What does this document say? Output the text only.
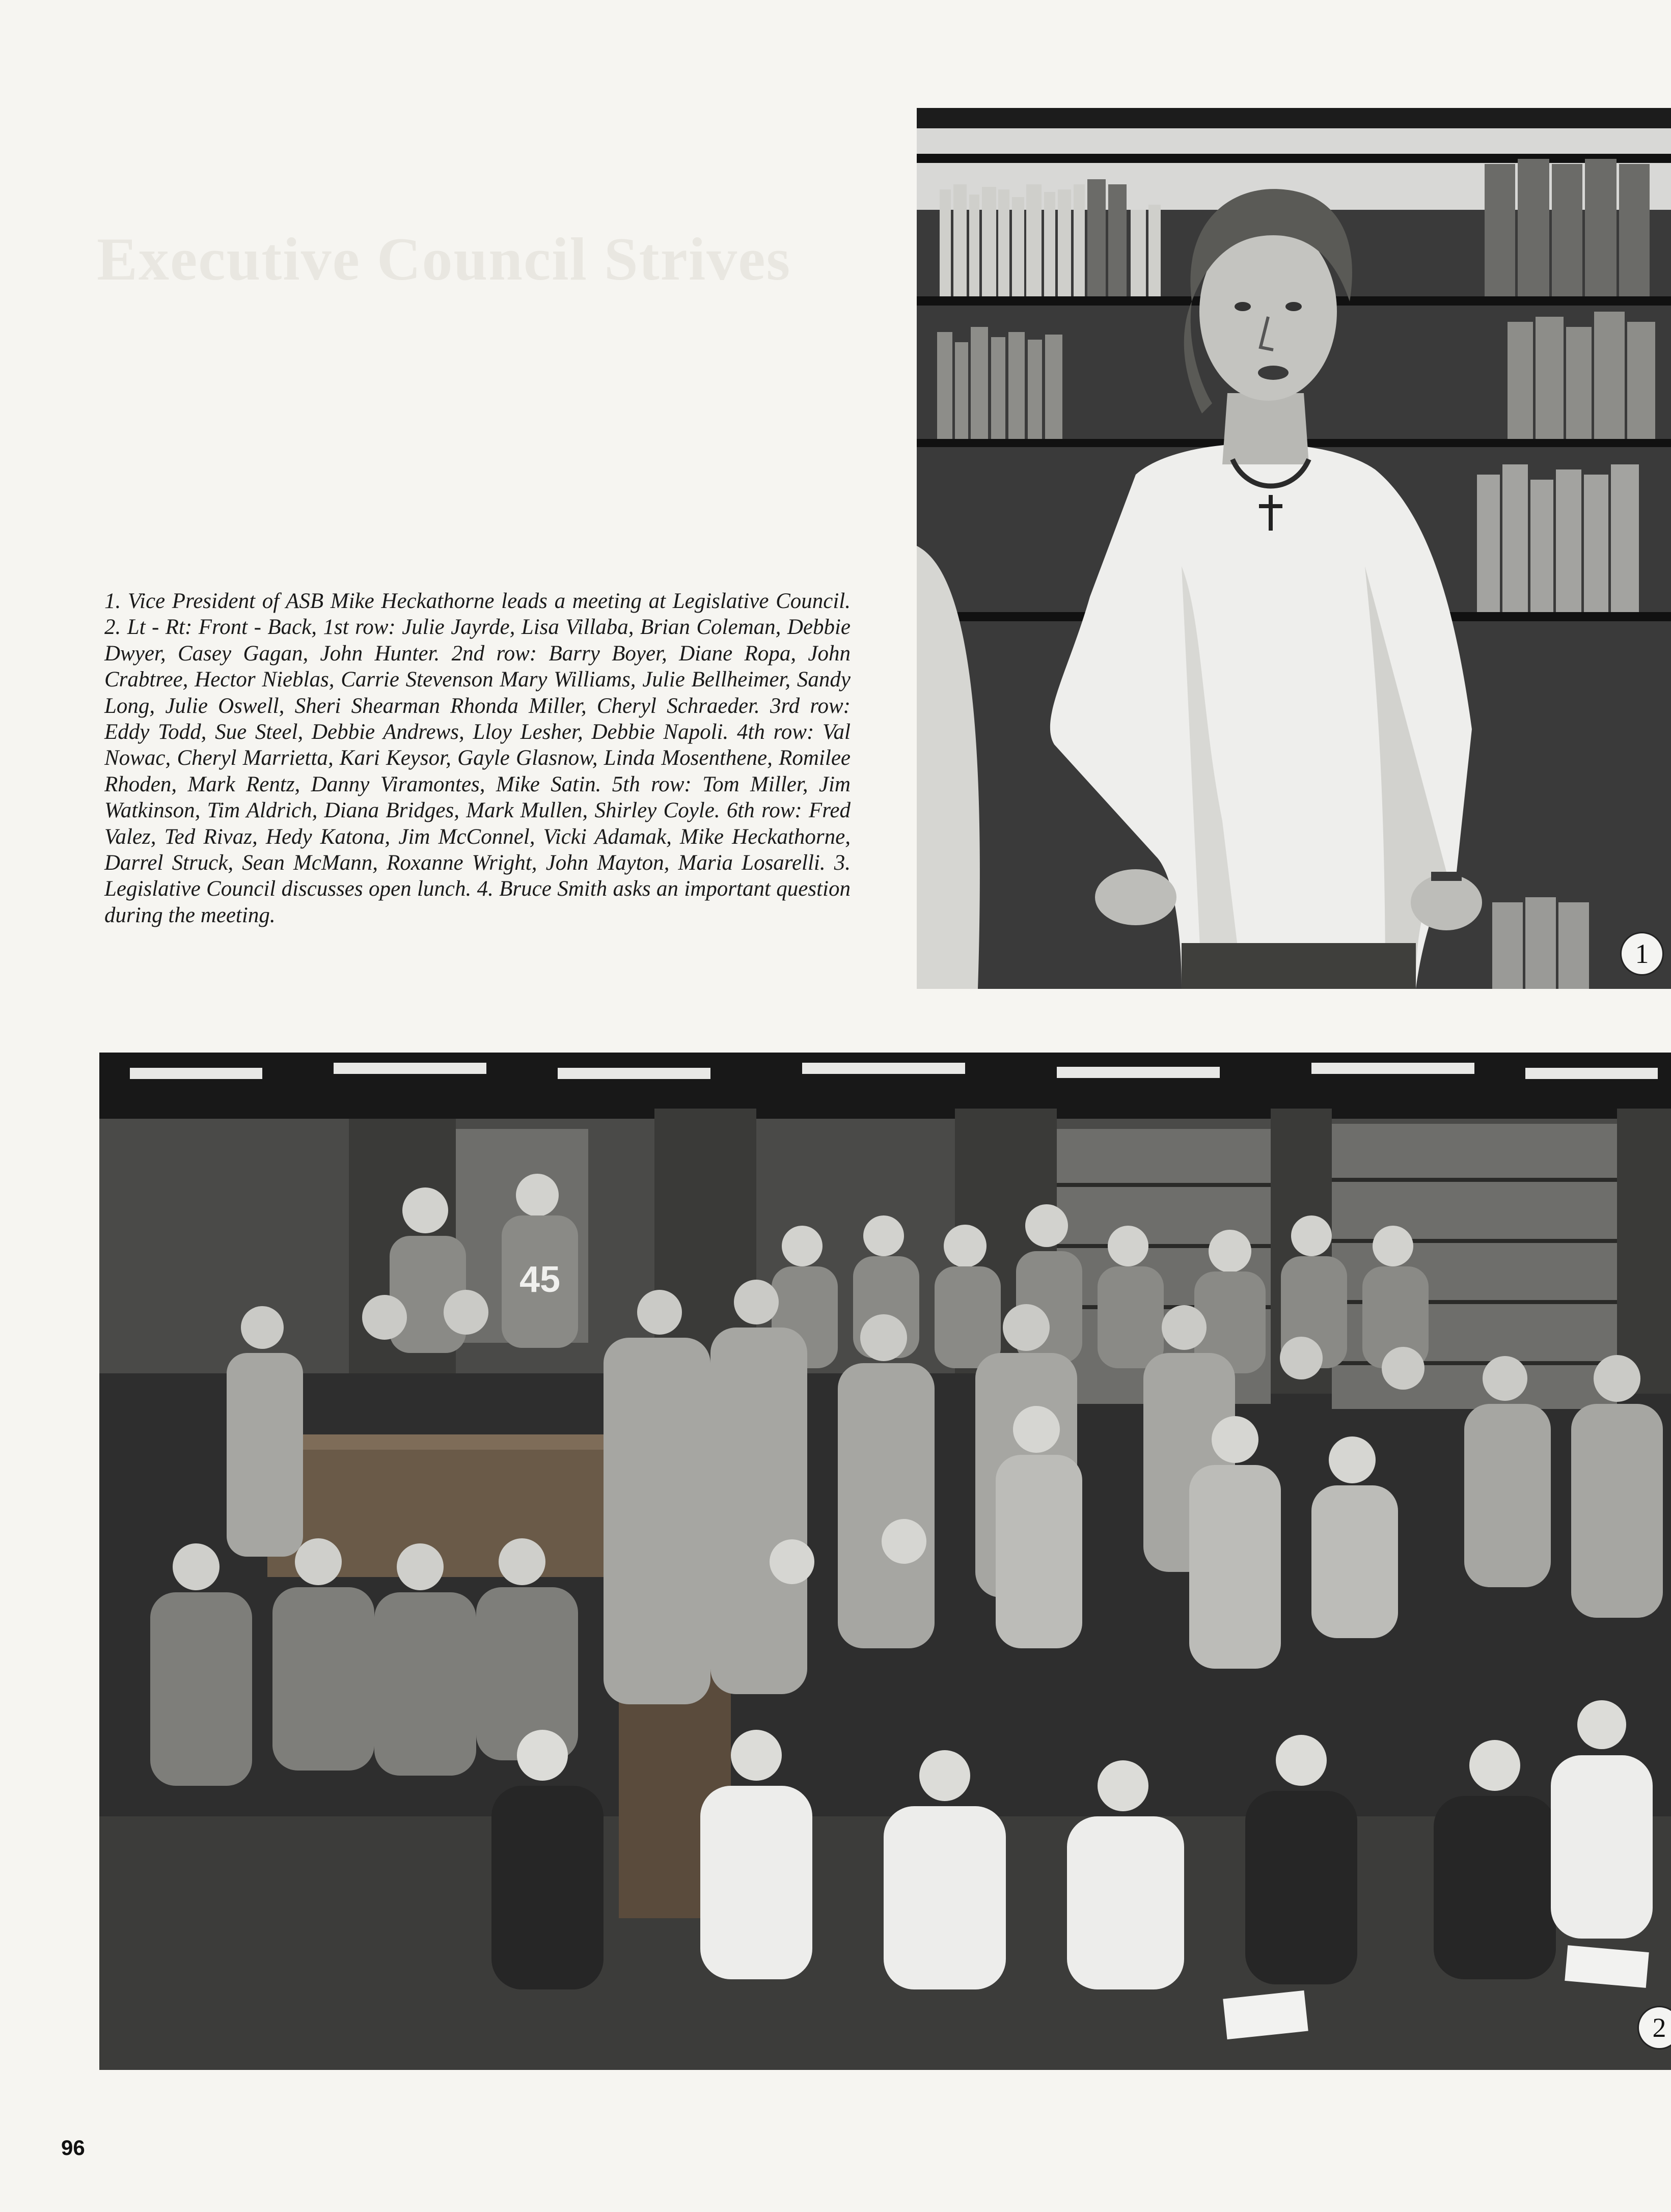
Executive Council Strives

1. Vice President of ASB Mike Heckathorne leads a meeting at Legislative Council. 2. Lt - Rt: Front - Back, 1st row: Julie Jayrde, Lisa Villaba, Brian Coleman, Debbie Dwyer, Casey Gagan, John Hunter. 2nd row: Barry Boyer, Diane Ropa, John Crabtree, Hector Nieblas, Carrie Stevenson Mary Williams, Julie Bellheimer, Sandy Long, Julie Oswell, Sheri Shearman Rhonda Miller, Cheryl Schraeder. 3rd row: Eddy Todd, Sue Steel, Debbie Andrews, Lloy Lesher, Debbie Napoli. 4th row: Val Nowac, Cheryl Marrietta, Kari Keysor, Gayle Glasnow, Linda Mosenthene, Romilee Rhoden, Mark Rentz, Danny Viramontes, Mike Satin. 5th row: Tom Miller, Jim Watkinson, Tim Aldrich, Diana Bridges, Mark Mullen, Shirley Coyle. 6th row: Fred Valez, Ted Rivaz, Hedy Katona, Jim McConnel, Vicki Adamak, Mike Heckathorne, Darrel Struck, Sean McMann, Roxanne Wright, John Mayton, Maria Losarelli. 3. Legislative Council discusses open lunch. 4. Bruce Smith asks an important question during the meeting.

1
45
2
96
